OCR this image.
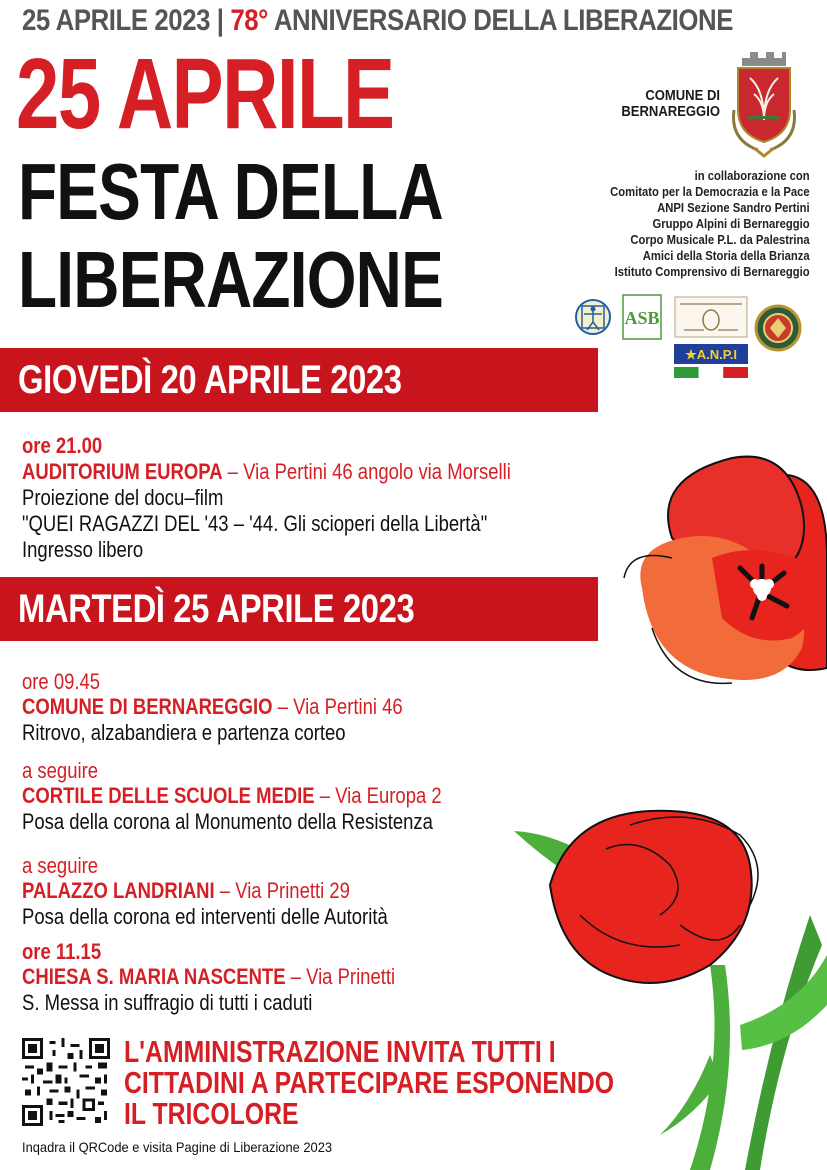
25 APRILE 2023 | 78° ANNIVERSARIO DELLA LIBERAZIONE
25 APRILE
FESTA DELLA
LIBERAZIONE
COMUNE DI
BERNAREGGIO
in collaborazione con
Comitato per la Democrazia e la Pace
ANPI Sezione Sandro Pertini
Gruppo Alpini di Bernareggio
Corpo Musicale P.L. da Palestrina
Amici della Storia della Brianza
Istituto Comprensivo di Bernareggio
ASB
★A.N.P.I
GIOVEDÌ 20 APRILE 2023
ore 21.00
AUDITORIUM EUROPA – Via Pertini 46 angolo via Morselli
Proiezione del docu–film
"QUEI RAGAZZI DEL '43 – '44. Gli scioperi della Libertà"
Ingresso libero
MARTEDÌ 25 APRILE 2023
ore 09.45
COMUNE DI BERNAREGGIO – Via Pertini 46
Ritrovo, alzabandiera e partenza corteo
a seguire
CORTILE DELLE SCUOLE MEDIE – Via Europa 2
Posa della corona al Monumento della Resistenza
a seguire
PALAZZO LANDRIANI – Via Prinetti 29
Posa della corona ed interventi delle Autorità
ore 11.15
CHIESA S. MARIA NASCENTE – Via Prinetti
S. Messa in suffragio di tutti i caduti
L'AMMINISTRAZIONE INVITA TUTTI I
CITTADINI A PARTECIPARE ESPONENDO
IL TRICOLORE
Inqadra il QRCode e visita Pagine di Liberazione 2023
